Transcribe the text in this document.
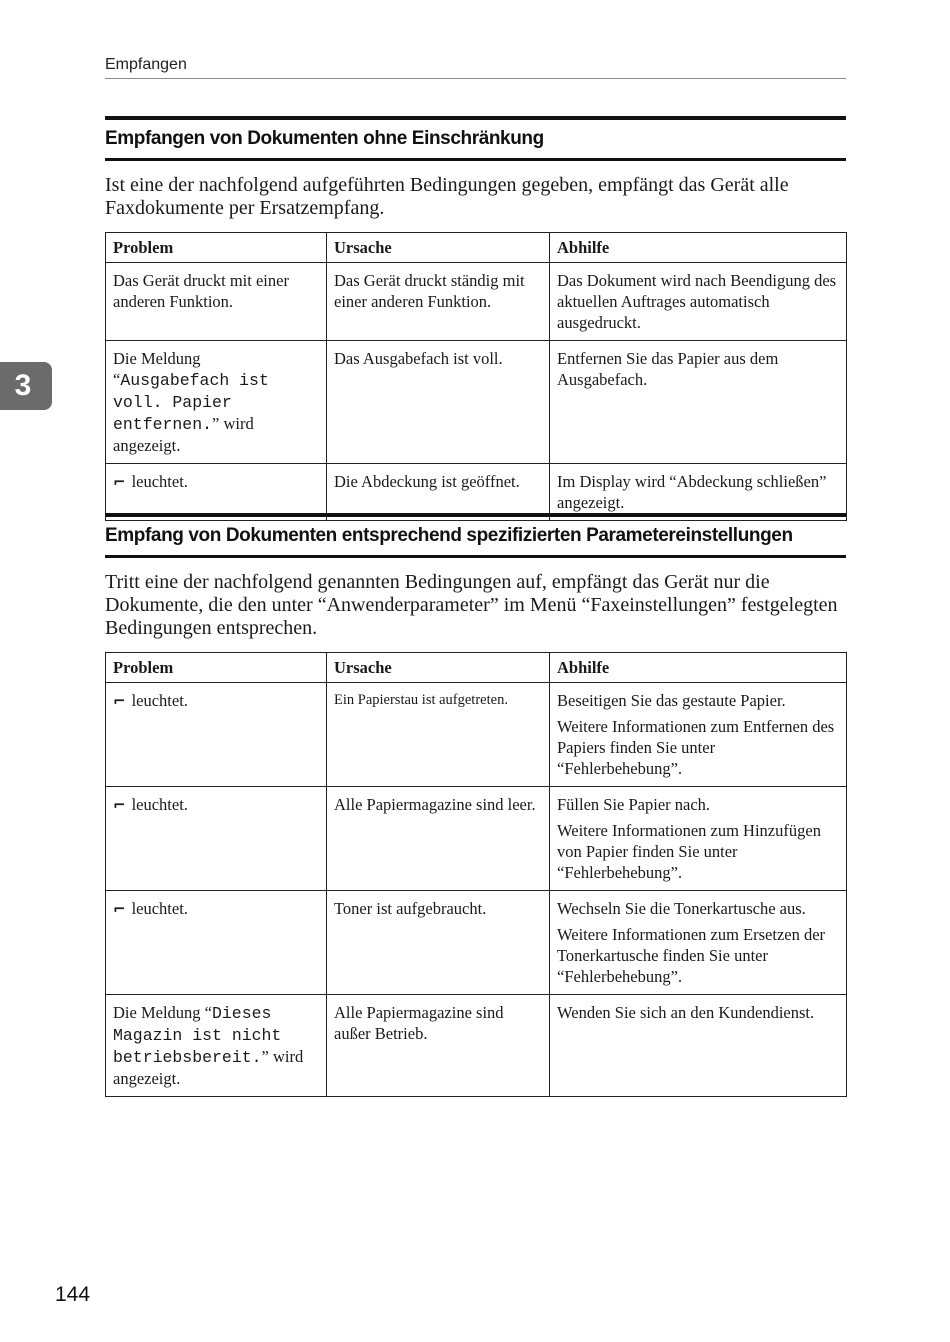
Empfangen
3
Empfangen von Dokumenten ohne Einschränkung
Ist eine der nachfolgend aufgeführten Bedingungen gegeben, empfängt das Gerät alle Faxdokumente per Ersatzempfang.
Problem	Ursache	Abhilfe
Das Gerät druckt mit einer anderen Funktion.	Das Gerät druckt ständig mit einer anderen Funktion.	Das Dokument wird nach Beendigung des aktuellen Auftrages automatisch ausgedruckt.
Die Meldung “Ausgabefach ist voll. Papier entfernen.” wird angezeigt.	Das Ausgabefach ist voll.	Entfernen Sie das Papier aus dem Ausgabefach.
⌐ leuchtet.	Die Abdeckung ist geöffnet.	Im Display wird “Abdeckung schließen” angezeigt.
Empfang von Dokumenten entsprechend spezifizierten Parametereinstellungen
Tritt eine der nachfolgend genannten Bedingungen auf, empfängt das Gerät nur die Dokumente, die den unter “Anwenderparameter” im Menü “Faxeinstellungen” festgelegten Bedingungen entsprechen.
Problem	Ursache	Abhilfe
⌐ leuchtet.	Ein Papierstau ist aufgetreten.	Beseitigen Sie das gestaute Papier.
Weitere Informationen zum Entfernen des Papiers finden Sie unter “Fehlerbehebung”.

⌐ leuchtet.	Alle Papiermagazine sind leer.	Füllen Sie Papier nach.
Weitere Informationen zum Hinzufügen von Papier finden Sie unter “Fehlerbehebung”.

⌐ leuchtet.	Toner ist aufgebraucht.	Wechseln Sie die Tonerkartusche aus.
Weitere Informationen zum Ersetzen der Tonerkartusche finden Sie unter “Fehlerbehebung”.

Die Meldung “Dieses Magazin ist nicht betriebsbereit.” wird angezeigt.	Alle Papiermagazine sind außer Betrieb.	Wenden Sie sich an den Kundendienst.
144
